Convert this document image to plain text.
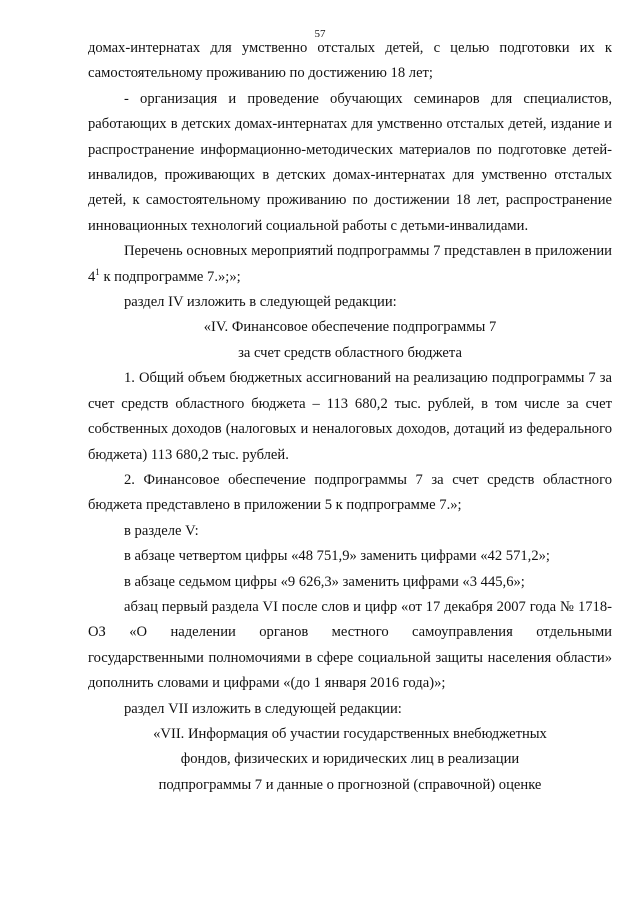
57

домах-интернатах для умственно отсталых детей, с целью подготовки их к самостоятельному проживанию по достижению 18 лет;

- организация и проведение обучающих семинаров для специалистов, работающих в детских домах-интернатах для умственно отсталых детей, издание и распространение информационно-методических материалов по подготовке детей-инвалидов, проживающих в детских домах-интернатах для умственно отсталых детей, к самостоятельному проживанию по достижении 18 лет, распространение инновационных технологий социальной работы с детьми-инвалидами.

Перечень основных мероприятий подпрограммы 7 представлен в приложении $4^1$ к подпрограмме 7.»;»;

раздел IV изложить в следующей редакции:

«IV. Финансовое обеспечение подпрограммы 7

за счет средств областного бюджета

1. Общий объем бюджетных ассигнований на реализацию подпрограммы 7 за счет средств областного бюджета – 113 680,2 тыс. рублей, в том числе за счет собственных доходов (налоговых и неналоговых доходов, дотаций из федерального бюджета) 113 680,2 тыс. рублей.

2. Финансовое обеспечение подпрограммы 7 за счет средств областного бюджета представлено в приложении 5 к подпрограмме 7.»;

в разделе V:

в абзаце четвертом цифры «48 751,9» заменить цифрами «42 571,2»;

в абзаце седьмом цифры «9 626,3» заменить цифрами «3 445,6»;

абзац первый раздела VI после слов и цифр «от 17 декабря 2007 года № 1718-ОЗ «О наделении органов местного самоуправления отдельными государственными полномочиями в сфере социальной защиты населения области» дополнить словами и цифрами «(до 1 января 2016 года)»;

раздел VII изложить в следующей редакции:

«VII. Информация об участии государственных внебюджетных

фондов, физических и юридических лиц в реализации

подпрограммы 7 и данные о прогнозной (справочной) оценке
